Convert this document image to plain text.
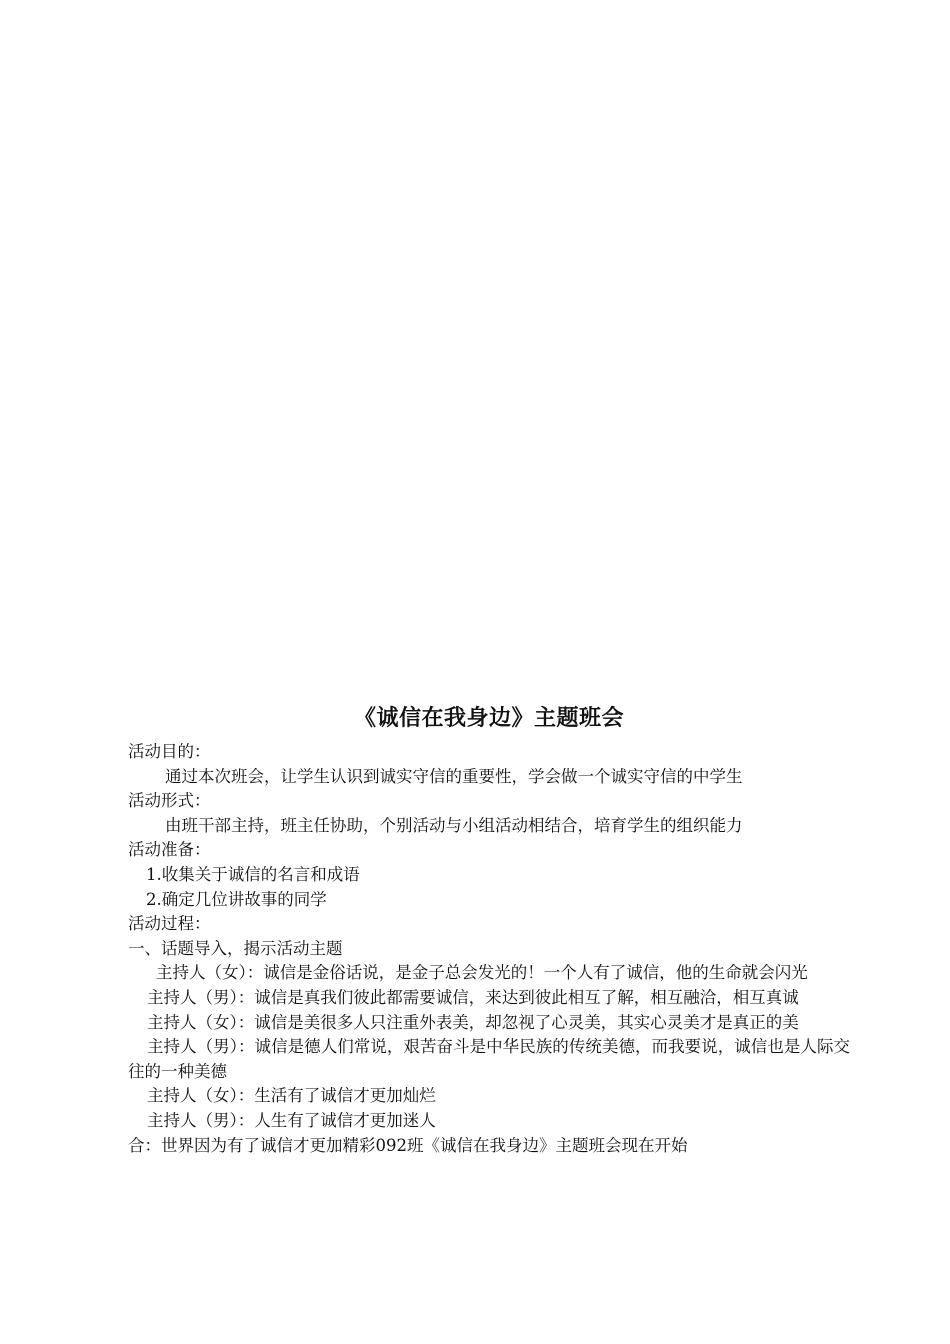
《诚信在我身边》主题班会
活动目的：
通过本次班会，让学生认识到诚实守信的重要性，学会做一个诚实守信的中学生
活动形式：
由班干部主持，班主任协助，个别活动与小组活动相结合，培育学生的组织能力
活动准备：
1.收集关于诚信的名言和成语
2.确定几位讲故事的同学
活动过程：
一、话题导入，揭示活动主题
主持人（女）：诚信是金俗话说，是金子总会发光的！一个人有了诚信，他的生命就会闪光
主持人（男）：诚信是真我们彼此都需要诚信，来达到彼此相互了解，相互融洽，相互真诚
主持人（女）：诚信是美很多人只注重外表美，却忽视了心灵美，其实心灵美才是真正的美
主持人（男）：诚信是德人们常说，艰苦奋斗是中华民族的传统美德，而我要说，诚信也是人际交往的一种美德
主持人（女）：生活有了诚信才更加灿烂
主持人（男）：人生有了诚信才更加迷人
合：世界因为有了诚信才更加精彩092班《诚信在我身边》主题班会现在开始
